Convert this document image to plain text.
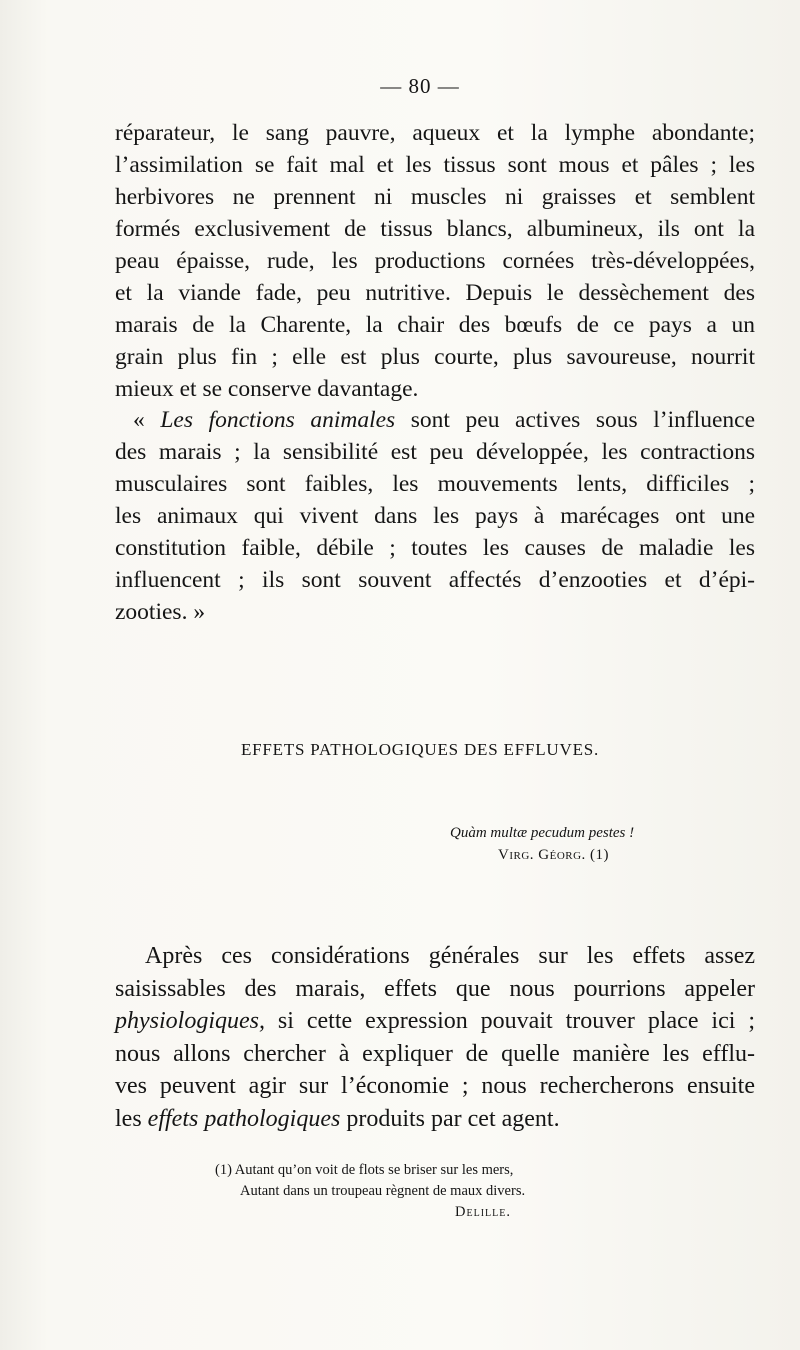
— 80 —

réparateur, le sang pauvre, aqueux et la lymphe abondante;
l’assimilation se fait mal et les tissus sont mous et pâles ; les
herbivores ne prennent ni muscles ni graisses et semblent
formés exclusivement de tissus blancs, albumineux, ils ont la
peau épaisse, rude, les productions cornées très-développées,
et la viande fade, peu nutritive. Depuis le dessèchement des
marais de la Charente, la chair des bœufs de ce pays a un
grain plus fin ; elle est plus courte, plus savoureuse, nourrit
mieux et se conserve davantage.

« Les fonctions animales sont peu actives sous l’influence
des marais ; la sensibilité est peu développée, les contractions
musculaires sont faibles, les mouvements lents, difficiles ;
les animaux qui vivent dans les pays à marécages ont une
constitution faible, débile ; toutes les causes de maladie les
influencent ; ils sont souvent affectés d’enzooties et d’épi-
zooties. »

EFFETS PATHOLOGIQUES DES EFFLUVES.
Quàm multæ pecudum pestes !
Virg. Géorg. (1)

Après ces considérations générales sur les effets assez
saisissables des marais, effets que nous pourrions appeler
physiologiques, si cette expression pouvait trouver place ici ;
nous allons chercher à expliquer de quelle manière les efflu-
ves peuvent agir sur l’économie ; nous rechercherons ensuite
les effets pathologiques produits par cet agent.

(1) Autant qu’on voit de flots se briser sur les mers,
Autant dans un troupeau règnent de maux divers.
Delille.
